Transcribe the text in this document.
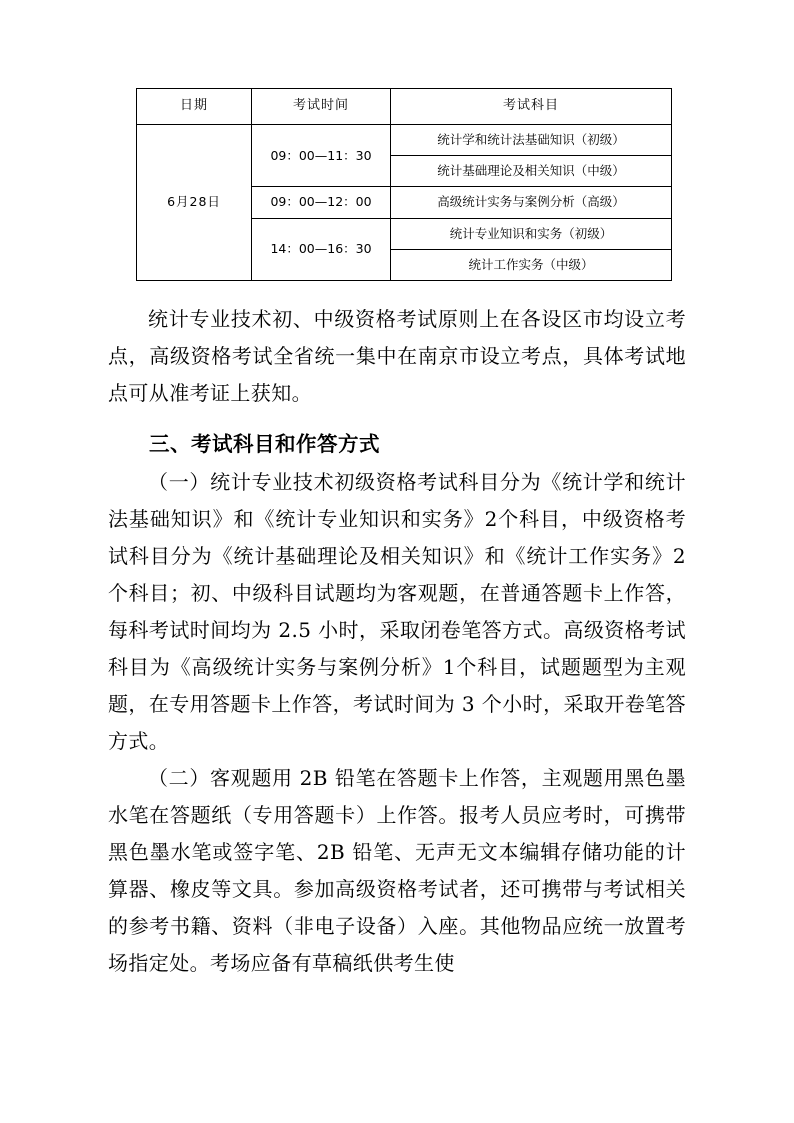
日期	考试时间	考试科目
6月28日	09：00—11：30	统计学和统计法基础知识（初级）
		统计基础理论及相关知识（中级）
	09：00—12：00	高级统计实务与案例分析（高级）
	14：00—16：30	统计专业知识和实务（初级）
		统计工作实务（中级）

统计专业技术初、中级资格考试原则上在各设区市均设立考点，高级资格考试全省统一集中在南京市设立考点，具体考试地点可从准考证上获知。

三、考试科目和作答方式

（一）统计专业技术初级资格考试科目分为《统计学和统计法基础知识》和《统计专业知识和实务》2个科目，中级资格考试科目分为《统计基础理论及相关知识》和《统计工作实务》2个科目；初、中级科目试题均为客观题，在普通答题卡上作答，每科考试时间均为 2.5 小时，采取闭卷笔答方式。高级资格考试科目为《高级统计实务与案例分析》1个科目，试题题型为主观题，在专用答题卡上作答，考试时间为 3 个小时，采取开卷笔答方式。

（二）客观题用 2B 铅笔在答题卡上作答，主观题用黑色墨水笔在答题纸（专用答题卡）上作答。报考人员应考时，可携带黑色墨水笔或签字笔、2B 铅笔、无声无文本编辑存储功能的计算器、橡皮等文具。参加高级资格考试者，还可携带与考试相关的参考书籍、资料（非电子设备）入座。其他物品应统一放置考场指定处。考场应备有草稿纸供考生使
